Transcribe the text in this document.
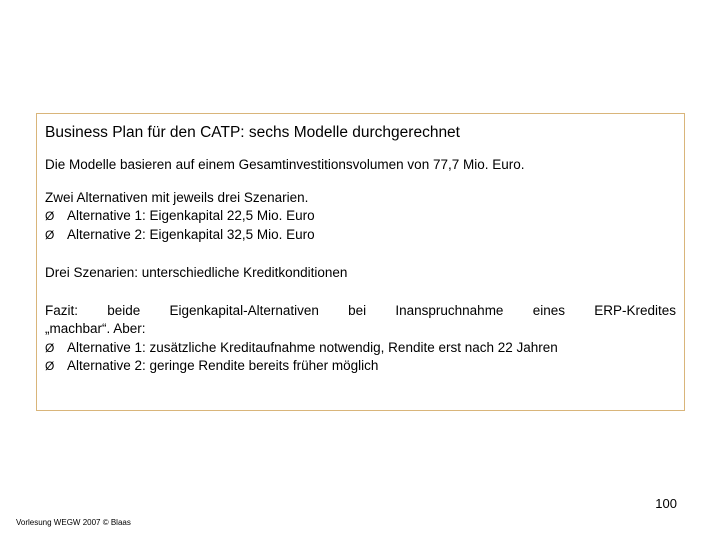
Business Plan für den CATP: sechs Modelle durchgerechnet

Die Modelle basieren auf einem Gesamtinvestitionsvolumen von 77,7 Mio. Euro.

Zwei Alternativen mit jeweils drei Szenarien.

Ø Alternative 1: Eigenkapital 22,5 Mio. Euro
Ø Alternative 2: Eigenkapital 32,5 Mio. Euro

Drei Szenarien: unterschiedliche Kreditkonditionen

Fazit: beide Eigenkapital-Alternativen bei Inanspruchnahme eines ERP-Kredites

„machbar“. Aber:

Ø Alternative 1: zusätzliche Kreditaufnahme notwendig, Rendite erst nach 22 Jahren
Ø Alternative 2: geringe Rendite bereits früher möglich
100
Vorlesung WEGW 2007 © Blaas
